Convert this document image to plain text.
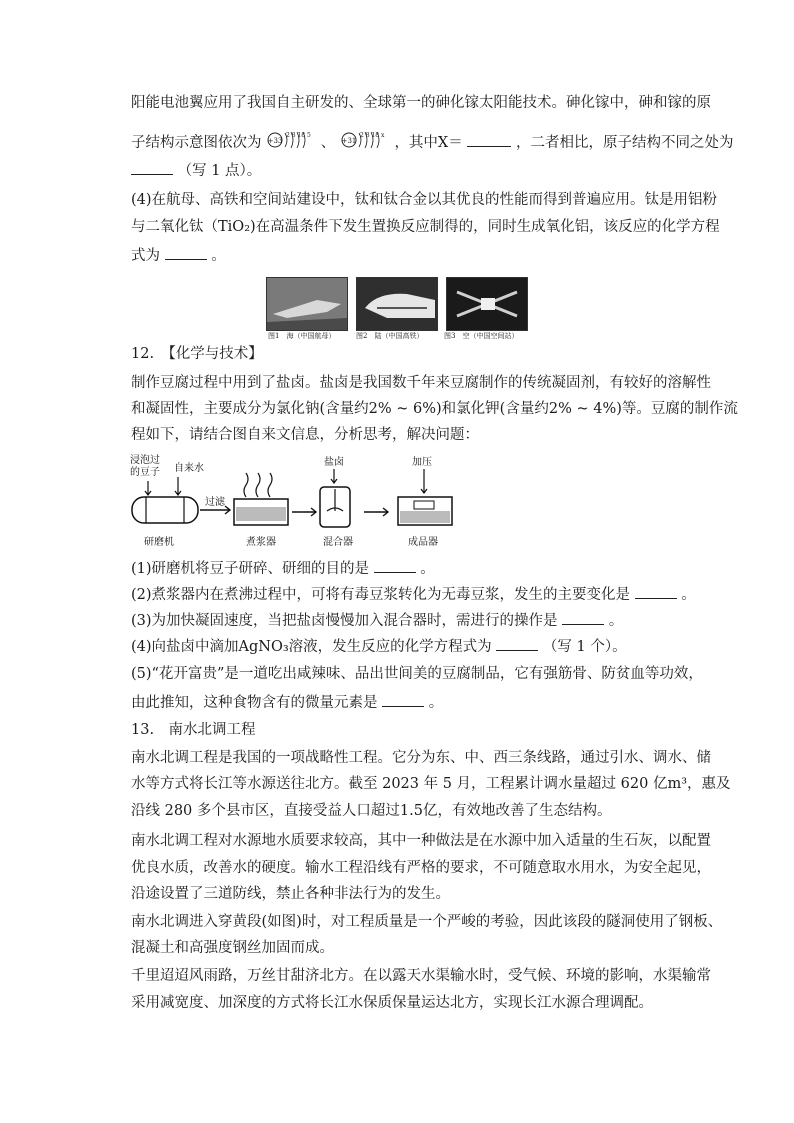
阳能电池翼应用了我国自主研发的、全球第一的砷化镓太阳能技术。砷化镓中，砷和镓的原
子结构示意图依次为 +33
2 8 18 5 、 +31
2 8 18 x ，其中X＝	，二者相比，原子结构不同之处为
（写 1 点）。
(4)在航母、高铁和空间站建设中，钛和钛合金以其优良的性能而得到普遍应用。钛是用铝粉
与二氧化钛（TiO₂)在高温条件下发生置换反应制得的，同时生成氧化铝，该反应的化学方程
式为	。
图1　海（中国航母）	图2　陆（中国高铁）	图3　空（中国空间站）
12.　【化学与技术】
制作豆腐过程中用到了盐卤。盐卤是我国数千年来豆腐制作的传统凝固剂，有较好的溶解性
和凝固性，主要成分为氯化钠(含量约2% ~ 6%)和氯化钾(含量约2% ~ 4%)等。豆腐的制作流
程如下，请结合图自来文信息，分析思考，解决问题：
浸泡过的豆子 自来水
研磨机
过滤
煮浆器
盐卤
混合器
加压
成品器
(1)研磨机将豆子研碎、研细的目的是	。
(2)煮浆器内在煮沸过程中，可将有毒豆浆转化为无毒豆浆，发生的主要变化是	。
(3)为加快凝固速度，当把盐卤慢慢加入混合器时，需进行的操作是	。
(4)向盐卤中滴加AgNO₃溶液，发生反应的化学方程式为	（写 1 个）。
(5)“花开富贵”是一道吃出咸辣味、品出世间美的豆腐制品，它有强筋骨、防贫血等功效，
由此推知，这种食物含有的微量元素是	。
13.　南水北调工程
南水北调工程是我国的一项战略性工程。它分为东、中、西三条线路，通过引水、调水、储
水等方式将长江等水源送往北方。截至 2023 年 5 月，工程累计调水量超过 620 亿m³，惠及
沿线 280 多个县市区，直接受益人口超过1.5亿，有效地改善了生态结构。
南水北调工程对水源地水质要求较高，其中一种做法是在水源中加入适量的生石灰，以配置
优良水质，改善水的硬度。输水工程沿线有严格的要求，不可随意取水用水，为安全起见，
沿途设置了三道防线，禁止各种非法行为的发生。
南水北调进入穿黄段(如图)时，对工程质量是一个严峻的考验，因此该段的隧洞使用了钢板、
混凝土和高强度钢丝加固而成。
千里迢迢风雨路，万丝甘甜济北方。在以露天水渠输水时，受气候、环境的影响，水渠输常
采用减宽度、加深度的方式将长江水保质保量运达北方，实现长江水源合理调配。
